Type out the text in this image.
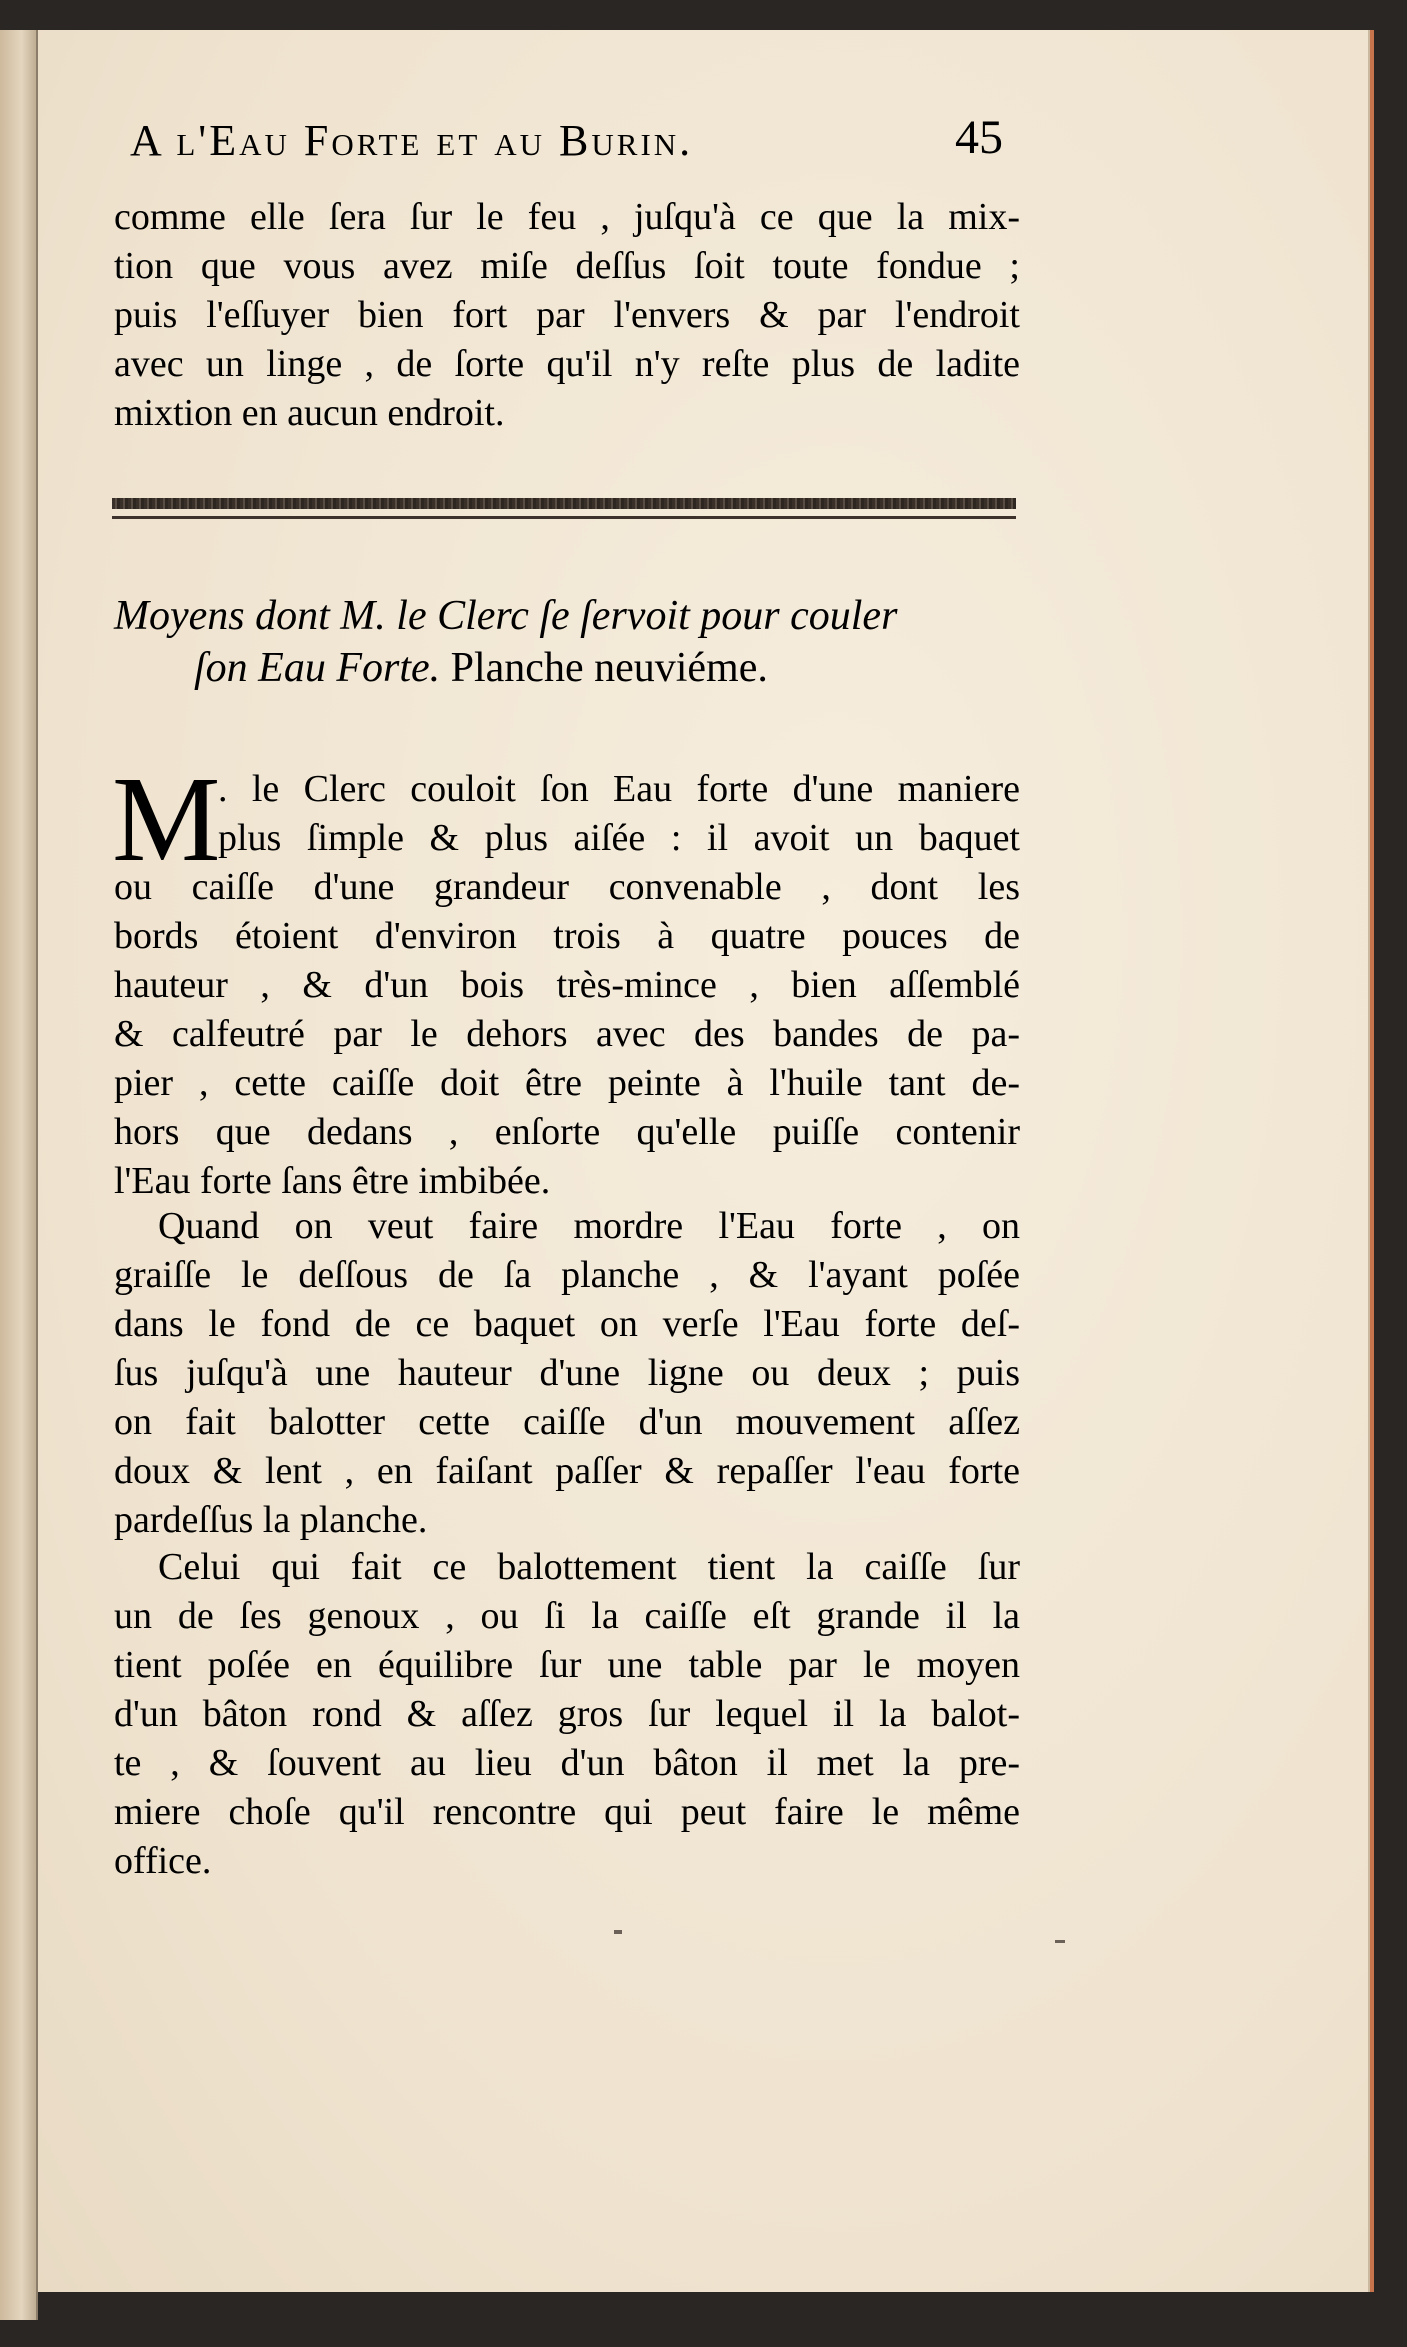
A l'Eau Forte et au Burin.	45
comme elle ſera ſur le feu , juſqu'à ce que la mix-
tion que vous avez miſe deſſus ſoit toute fondue ;
puis l'eſſuyer bien fort par l'envers & par l'endroit
avec un linge , de ſorte qu'il n'y reſte plus de ladite
mixtion en aucun endroit.
Moyens dont M. le Clerc ſe ſervoit pour couler
ſon Eau Forte. Planche neuviéme.
M
. le Clerc couloit ſon Eau forte d'une maniere
plus ſimple & plus aiſée : il avoit un baquet
ou caiſſe d'une grandeur convenable , dont les
bords étoient d'environ trois à quatre pouces de
hauteur , & d'un bois très-mince , bien aſſemblé
& calfeutré par le dehors avec des bandes de pa-
pier , cette caiſſe doit être peinte à l'huile tant de-
hors que dedans , enſorte qu'elle puiſſe contenir
l'Eau forte ſans être imbibée.
Quand on veut faire mordre l'Eau forte , on
graiſſe le deſſous de ſa planche , & l'ayant poſée
dans le fond de ce baquet on verſe l'Eau forte deſ-
ſus juſqu'à une hauteur d'une ligne ou deux ; puis
on fait balotter cette caiſſe d'un mouvement aſſez
doux & lent , en faiſant paſſer & repaſſer l'eau forte
pardeſſus la planche.
Celui qui fait ce balottement tient la caiſſe ſur
un de ſes genoux , ou ſi la caiſſe eſt grande il la
tient poſée en équilibre ſur une table par le moyen
d'un bâton rond & aſſez gros ſur lequel il la balot-
te , & ſouvent au lieu d'un bâton il met la pre-
miere choſe qu'il rencontre qui peut faire le même
office.
